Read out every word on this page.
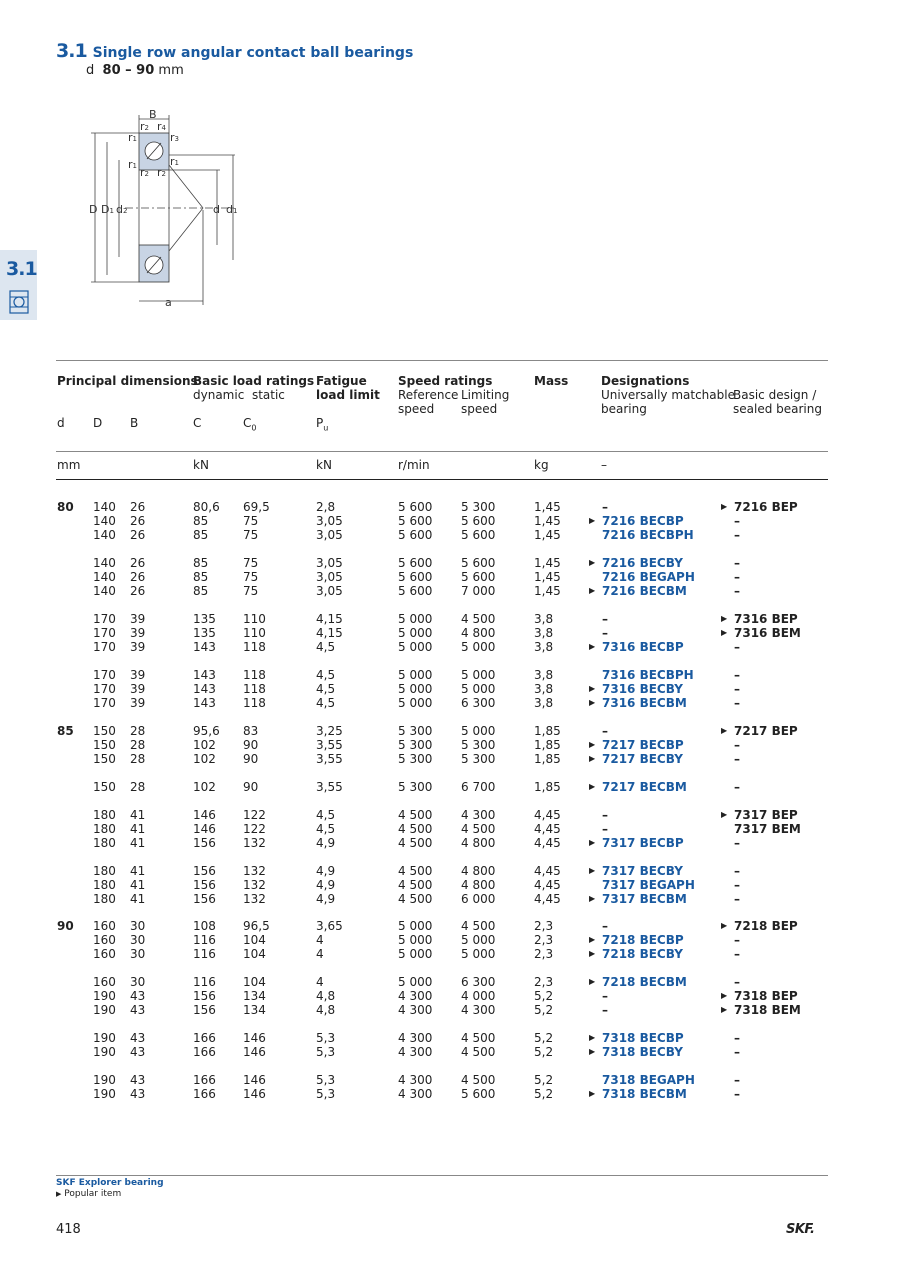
3.1 Single row angular contact ball bearings
d 80 – 90 mm
3.1
B
r2 r4
r1	r3
r1
r1 r2 r2
D D1 d2	d d1
a
Principal dimensions
Basic load ratings
dynamic static
Fatigue
load limit
Speed ratings
Reference
speed
Limiting
speed
Mass	Designations
Universally matchable
bearing
Basic design /
sealed bearing
d D B	C	$C_0$	$P_u$
mm	kN	kN	r/min	kg	–
80 140 26	80,6 69,5	2,8	5 600 5 300	1,45	–	▶ 7216 BEP
140 26	85	75	3,05	5 600 5 600	1,45	▶ 7216 BECBP	–
140 26	85	75	3,05	5 600 5 600	1,45	7216 BECBPH	–
140 26	85	75	3,05	5 600 5 600	1,45	▶ 7216 BECBY	–
140 26	85	75	3,05	5 600 5 600	1,45	7216 BEGAPH	–
140 26	85	75	3,05	5 600 7 000	1,45	▶ 7216 BECBM	–
170 39	135 110	4,15	5 000 4 500	3,8	–	▶ 7316 BEP
170 39	135 110	4,15	5 000 4 800	3,8	–	▶ 7316 BEM
170 39	143 118	4,5	5 000 5 000	3,8	▶ 7316 BECBP	–
170 39	143 118	4,5	5 000 5 000	3,8	7316 BECBPH	–
170 39	143 118	4,5	5 000 5 000	3,8	▶ 7316 BECBY	–
170 39	143 118	4,5	5 000 6 300	3,8	▶ 7316 BECBM	–
85 150 28	95,6 83	3,25	5 300 5 000	1,85	–	▶ 7217 BEP
150 28	102 90	3,55	5 300 5 300	1,85	▶ 7217 BECBP	–
150 28	102 90	3,55	5 300 5 300	1,85	▶ 7217 BECBY	–
150 28	102 90	3,55	5 300 6 700	1,85	▶ 7217 BECBM	–
180 41	146 122	4,5	4 500 4 300	4,45	–	▶ 7317 BEP
180 41	146 122	4,5	4 500 4 500	4,45	–	7317 BEM
180 41	156 132	4,9	4 500 4 800	4,45	▶ 7317 BECBP	–
180 41	156 132	4,9	4 500 4 800	4,45	▶ 7317 BECBY	–
180 41	156 132	4,9	4 500 4 800	4,45	7317 BEGAPH	–
180 41	156 132	4,9	4 500 6 000	4,45	▶ 7317 BECBM	–
90 160 30	108 96,5	3,65	5 000 4 500	2,3	–	▶ 7218 BEP
160 30	116 104	4	5 000 5 000	2,3	▶ 7218 BECBP	–
160 30	116 104	4	5 000 5 000	2,3	▶ 7218 BECBY	–
160 30	116 104	4	5 000 6 300	2,3	▶ 7218 BECBM	–
190 43	156 134	4,8	4 300 4 000	5,2	–	▶ 7318 BEP
190 43	156 134	4,8	4 300 4 300	5,2	–	▶ 7318 BEM
190 43	166 146	5,3	4 300 4 500	5,2	▶ 7318 BECBP	–
190 43	166 146	5,3	4 300 4 500	5,2	▶ 7318 BECBY	–
190 43	166 146	5,3	4 300 4 500	5,2	7318 BEGAPH	–
190 43	166 146	5,3	4 300 5 600	5,2	▶ 7318 BECBM	–
SKF Explorer bearing
▶ Popular item
418	SKF.
